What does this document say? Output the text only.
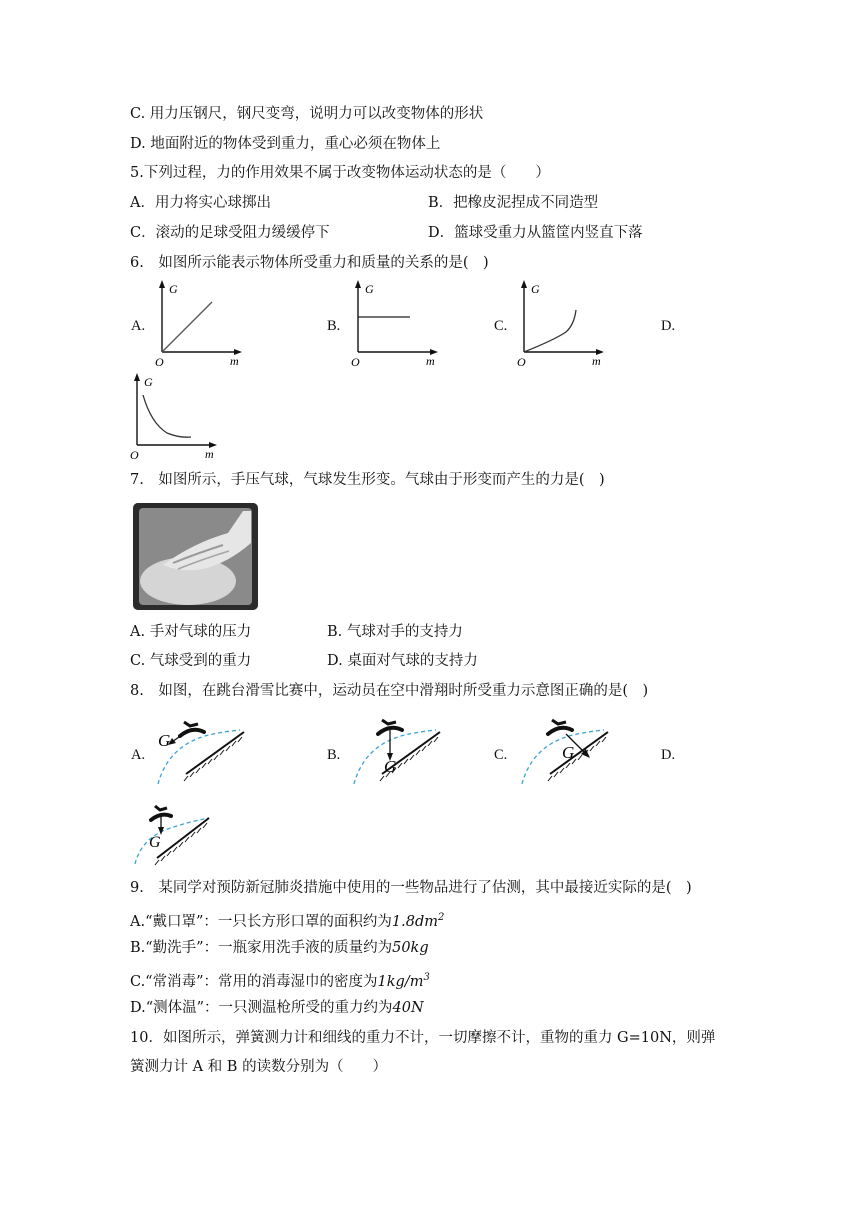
C. 用力压钢尺，钢尺变弯，说明力可以改变物体的形状
D. 地面附近的物体受到重力，重心必须在物体上
5.下列过程，力的作用效果不属于改变物体运动状态的是（　　）
A．用力将实心球掷出	B．把橡皮泥捏成不同造型
C．滚动的足球受阻力缓缓停下	D．篮球受重力从篮筐内竖直下落
6.　如图所示能表示物体所受重力和质量的关系的是(　)
A.	B.	C.	D.
G
m
O
G
m
O
G
m
O
G
m
O
7.　如图所示，手压气球，气球发生形变。气球由于形变而产生的力是(　)
A. 手对气球的压力	B. 气球对手的支持力
C. 气球受到的重力	D. 桌面对气球的支持力
8.　如图，在跳台滑雪比赛中，运动员在空中滑翔时所受重力示意图正确的是(　)
A.	B.	C.	D.
G
G
G
G
9.　某同学对预防新冠肺炎措施中使用的一些物品进行了估测，其中最接近实际的是(　)
A.“戴口罩”：一只长方形口罩的面积约为$1.8dm^2$
B.“勤洗手”：一瓶家用洗手液的质量约为50kg
C.“常消毒”：常用的消毒湿巾的密度为$1kg/m^3$
D.“测体温”：一只测温枪所受的重力约为40N
10．如图所示，弹簧测力计和细线的重力不计，一切摩擦不计，重物的重力 G=10N，则弹
簧测力计 A 和 B 的读数分别为（　　）
